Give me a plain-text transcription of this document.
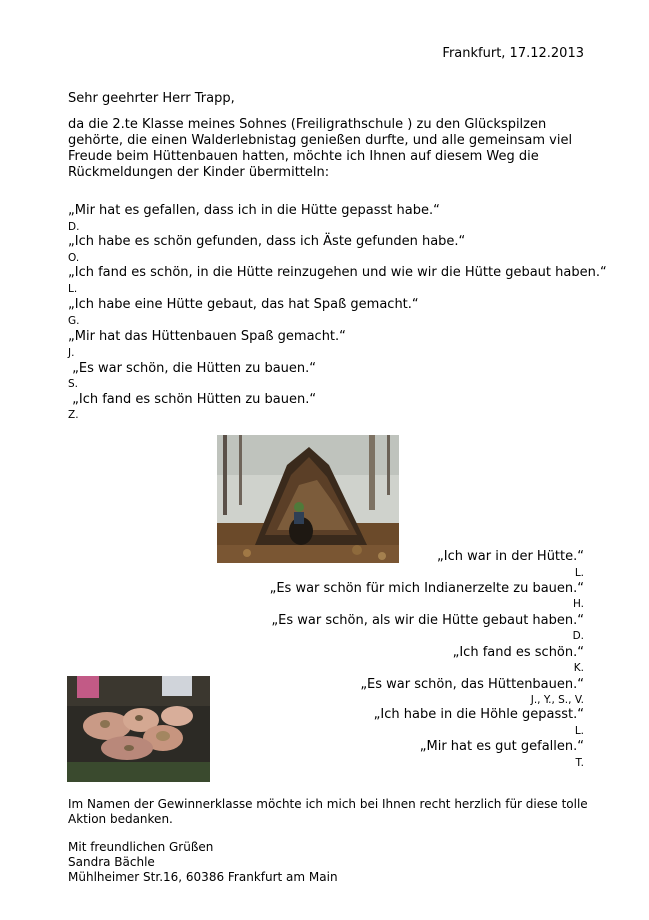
Frankfurt, 17.12.2013
Sehr geehrter Herr Trapp,

da die 2.te Klasse meines Sohnes (Freiligrathschule ) zu den Glückspilzen gehörte, die einen Walderlebnistag genießen durfte, und alle gemeinsam viel Freude beim Hüttenbauen hatten, möchte ich Ihnen auf diesem Weg die Rückmeldungen der Kinder übermitteln:

„Mir hat es gefallen, dass ich in die Hütte gepasst habe.“
D.
„Ich habe es schön gefunden, dass ich Äste gefunden habe.“
O.
„Ich fand es schön, in die Hütte reinzugehen und wie wir die Hütte gebaut haben.“
L.
„Ich habe eine Hütte gebaut, das hat Spaß gemacht.“
G.
„Mir hat das Hüttenbauen Spaß gemacht.“
J.
„Es war schön, die Hütten zu bauen.“
S.
„Ich fand es schön Hütten zu bauen.“
Z.
„Ich war in der Hütte.“
L.
„Es war schön für mich Indianerzelte zu bauen.“
H.
„Es war schön, als wir die Hütte gebaut haben.“
D.
„Ich fand es schön.“
K.
„Es war schön, das Hüttenbauen.“
J., Y., S., V.
„Ich habe in die Höhle gepasst.“
L.
„Mir hat es gut gefallen.“
T.

Im Namen der Gewinnerklasse möchte ich mich bei Ihnen recht herzlich für diese tolle Aktion bedanken.

Mit freundlichen Grüßen
Sandra Bächle
Mühlheimer Str.16, 60386 Frankfurt am Main
